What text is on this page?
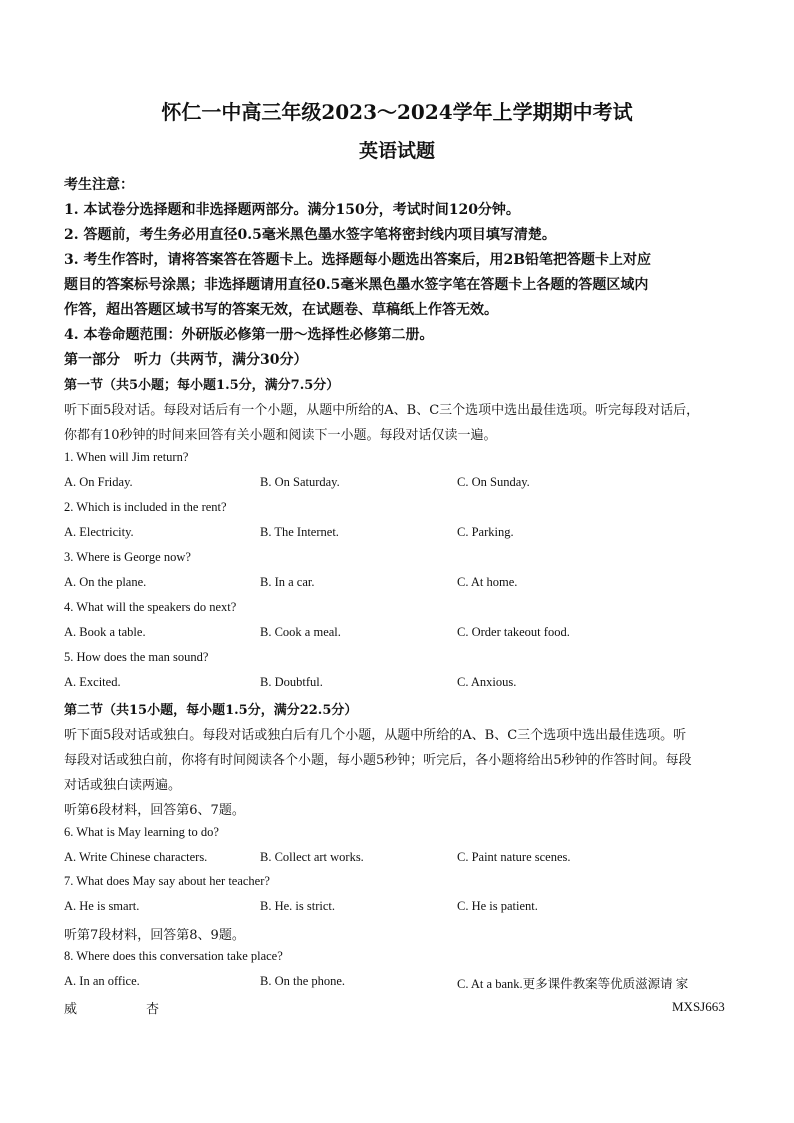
怀仁一中高三年级2023～2024学年上学期期中考试
英语试题
考生注意：
1. 本试卷分选择题和非选择题两部分。满分150分，考试时间120分钟。
2. 答题前，考生务必用直径0.5毫米黑色墨水签字笔将密封线内项目填写清楚。
3. 考生作答时，请将答案答在答题卡上。选择题每小题选出答案后，用2B铅笔把答题卡上对应
题目的答案标号涂黑；非选择题请用直径0.5毫米黑色墨水签字笔在答题卡上各题的答题区域内
作答，超出答题区域书写的答案无效，在试题卷、草稿纸上作答无效。
4. 本卷命题范围：外研版必修第一册～选择性必修第二册。
第一部分　听力（共两节，满分30分）
第一节（共5小题；每小题1.5分，满分7.5分）
听下面5段对话。每段对话后有一个小题，从题中所给的A、B、C三个选项中选出最佳选项。听完每段对话后，
你都有10秒钟的时间来回答有关小题和阅读下一小题。每段对话仅读一遍。
1. When will Jim return?
A. On Friday.	B. On Saturday.	C. On Sunday.
2. Which is included in the rent?
A. Electricity.	B. The Internet.	C. Parking.
3. Where is George now?
A. On the plane.	B. In a car.	C. At home.
4. What will the speakers do next?
A. Book a table.	B. Cook a meal.	C. Order takeout food.
5. How does the man sound?
A. Excited.	B. Doubtful.	C. Anxious.
第二节（共15小题，每小题1.5分，满分22.5分）
听下面5段对话或独白。每段对话或独白后有几个小题，从题中所给的A、B、C三个选项中选出最佳选项。听
每段对话或独白前，你将有时间阅读各个小题，每小题5秒钟；听完后，各小题将给出5秒钟的作答时间。每段
对话或独白读两遍。
听第6段材料，回答第6、7题。
6. What is May learning to do?
A. Write Chinese characters.	B. Collect art works.	C. Paint nature scenes.
7. What does May say about her teacher?
A. He is smart.	B. He. is strict.	C. He is patient.
听第7段材料，回答第8、9题。
8. Where does this conversation take place?
A. In an office.	B. On the phone.	C. At a bank.更多课件教案等优质滋源请 家
威	杏	MXSJ663
